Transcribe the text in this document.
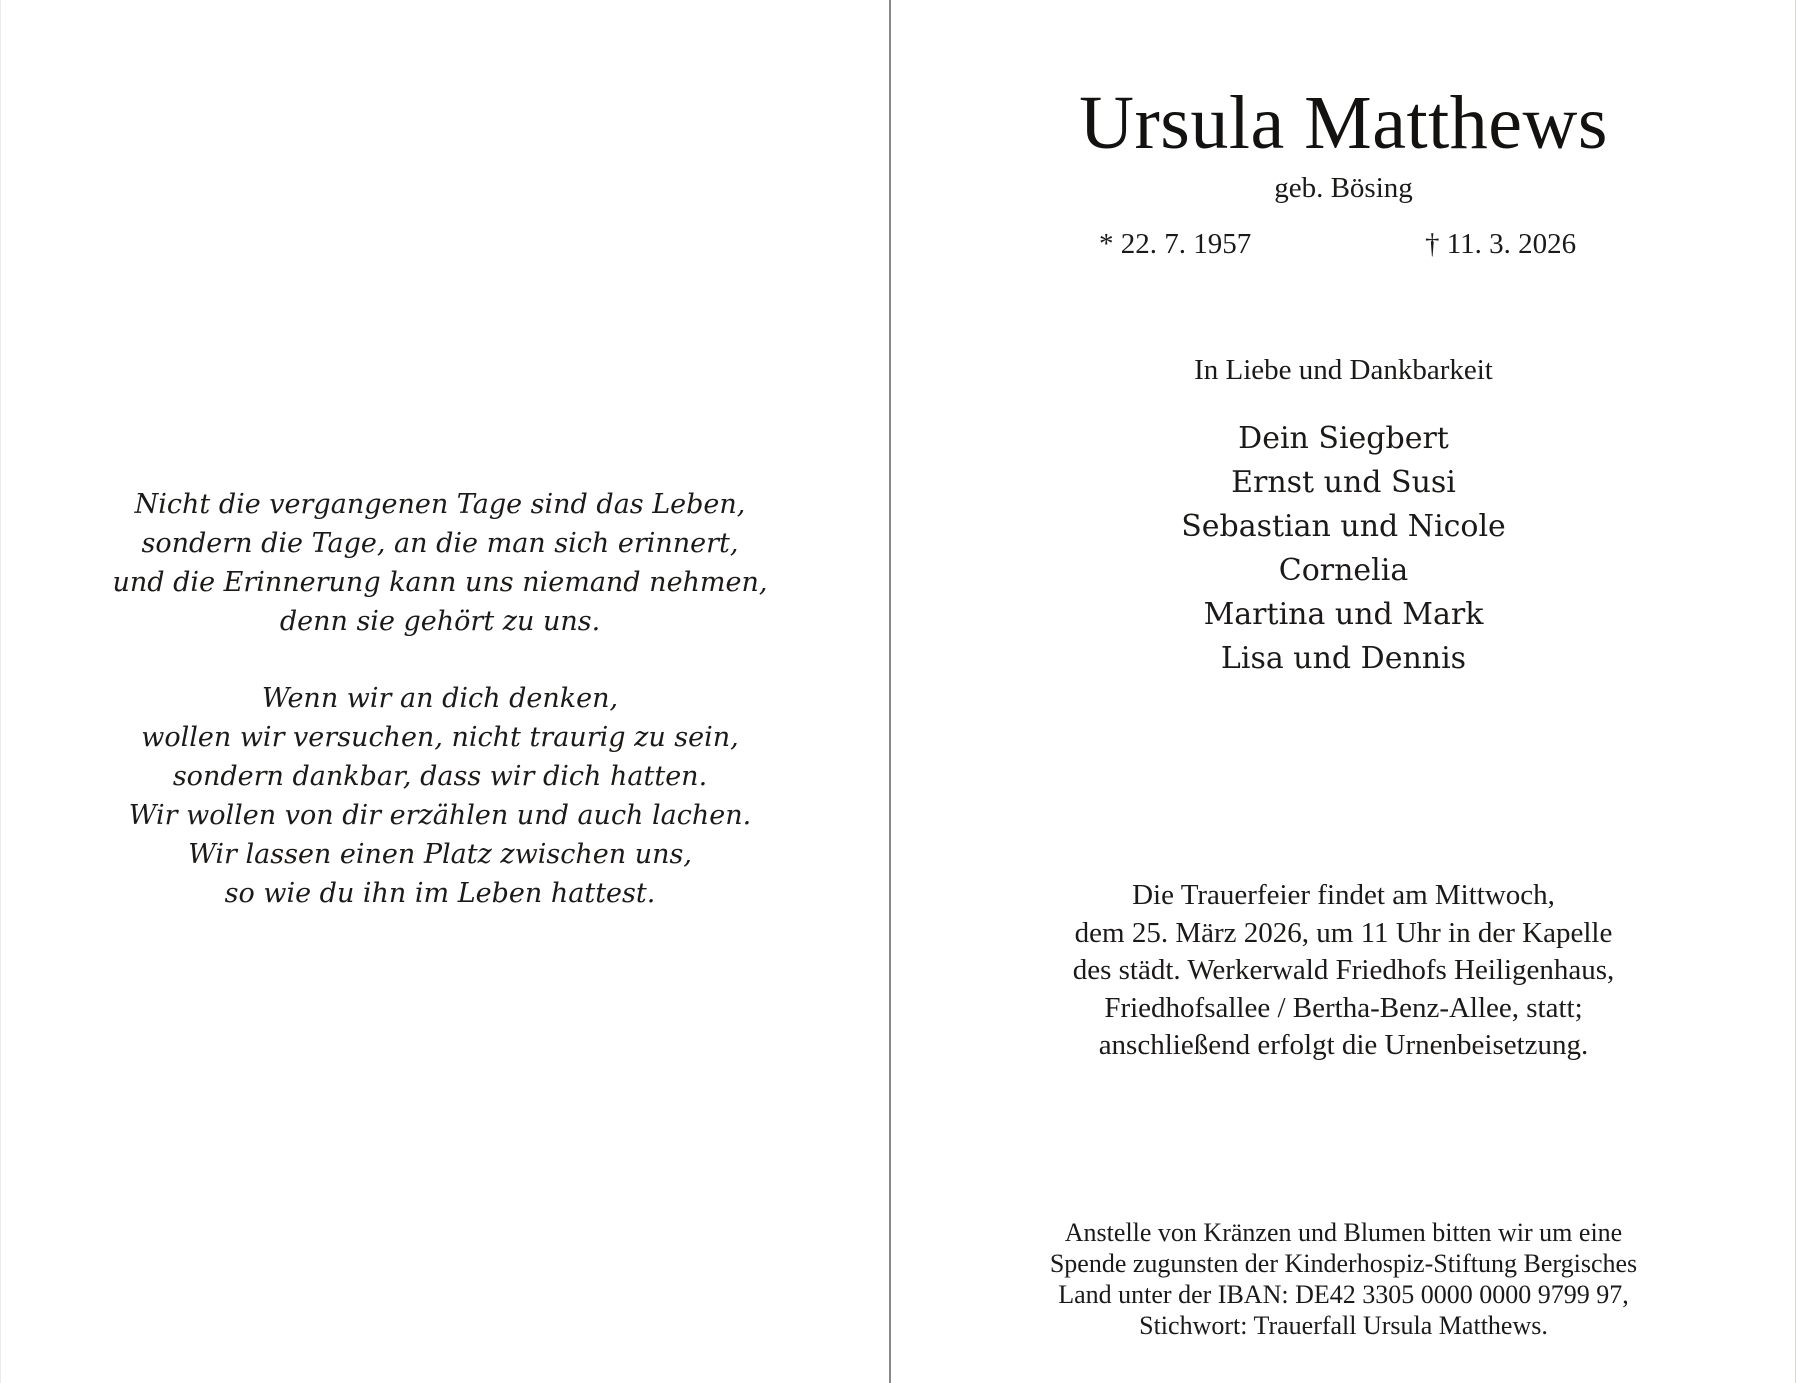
Nicht die vergangenen Tage sind das Leben,
sondern die Tage, an die man sich erinnert,
und die Erinnerung kann uns niemand nehmen,
denn sie gehört zu uns.

Wenn wir an dich denken,
wollen wir versuchen, nicht traurig zu sein,
sondern dankbar, dass wir dich hatten.
Wir wollen von dir erzählen und auch lachen.
Wir lassen einen Platz zwischen uns,
so wie du ihn im Leben hattest.

Ursula Matthews
geb. Bösing
* 22. 7. 1957	† 11. 3. 2026
In Liebe und Dankbarkeit
Dein Siegbert
Ernst und Susi
Sebastian und Nicole
Cornelia
Martina und Mark
Lisa und Dennis
Die Trauerfeier findet am Mittwoch,
dem 25. März 2026, um 11 Uhr in der Kapelle
des städt. Werkerwald Friedhofs Heiligenhaus,
Friedhofsallee / Bertha-Benz-Allee, statt;
anschließend erfolgt die Urnenbeisetzung.
Anstelle von Kränzen und Blumen bitten wir um eine
Spende zugunsten der Kinderhospiz-Stiftung Bergisches
Land unter der IBAN: DE42 3305 0000 0000 9799 97,
Stichwort: Trauerfall Ursula Matthews.
